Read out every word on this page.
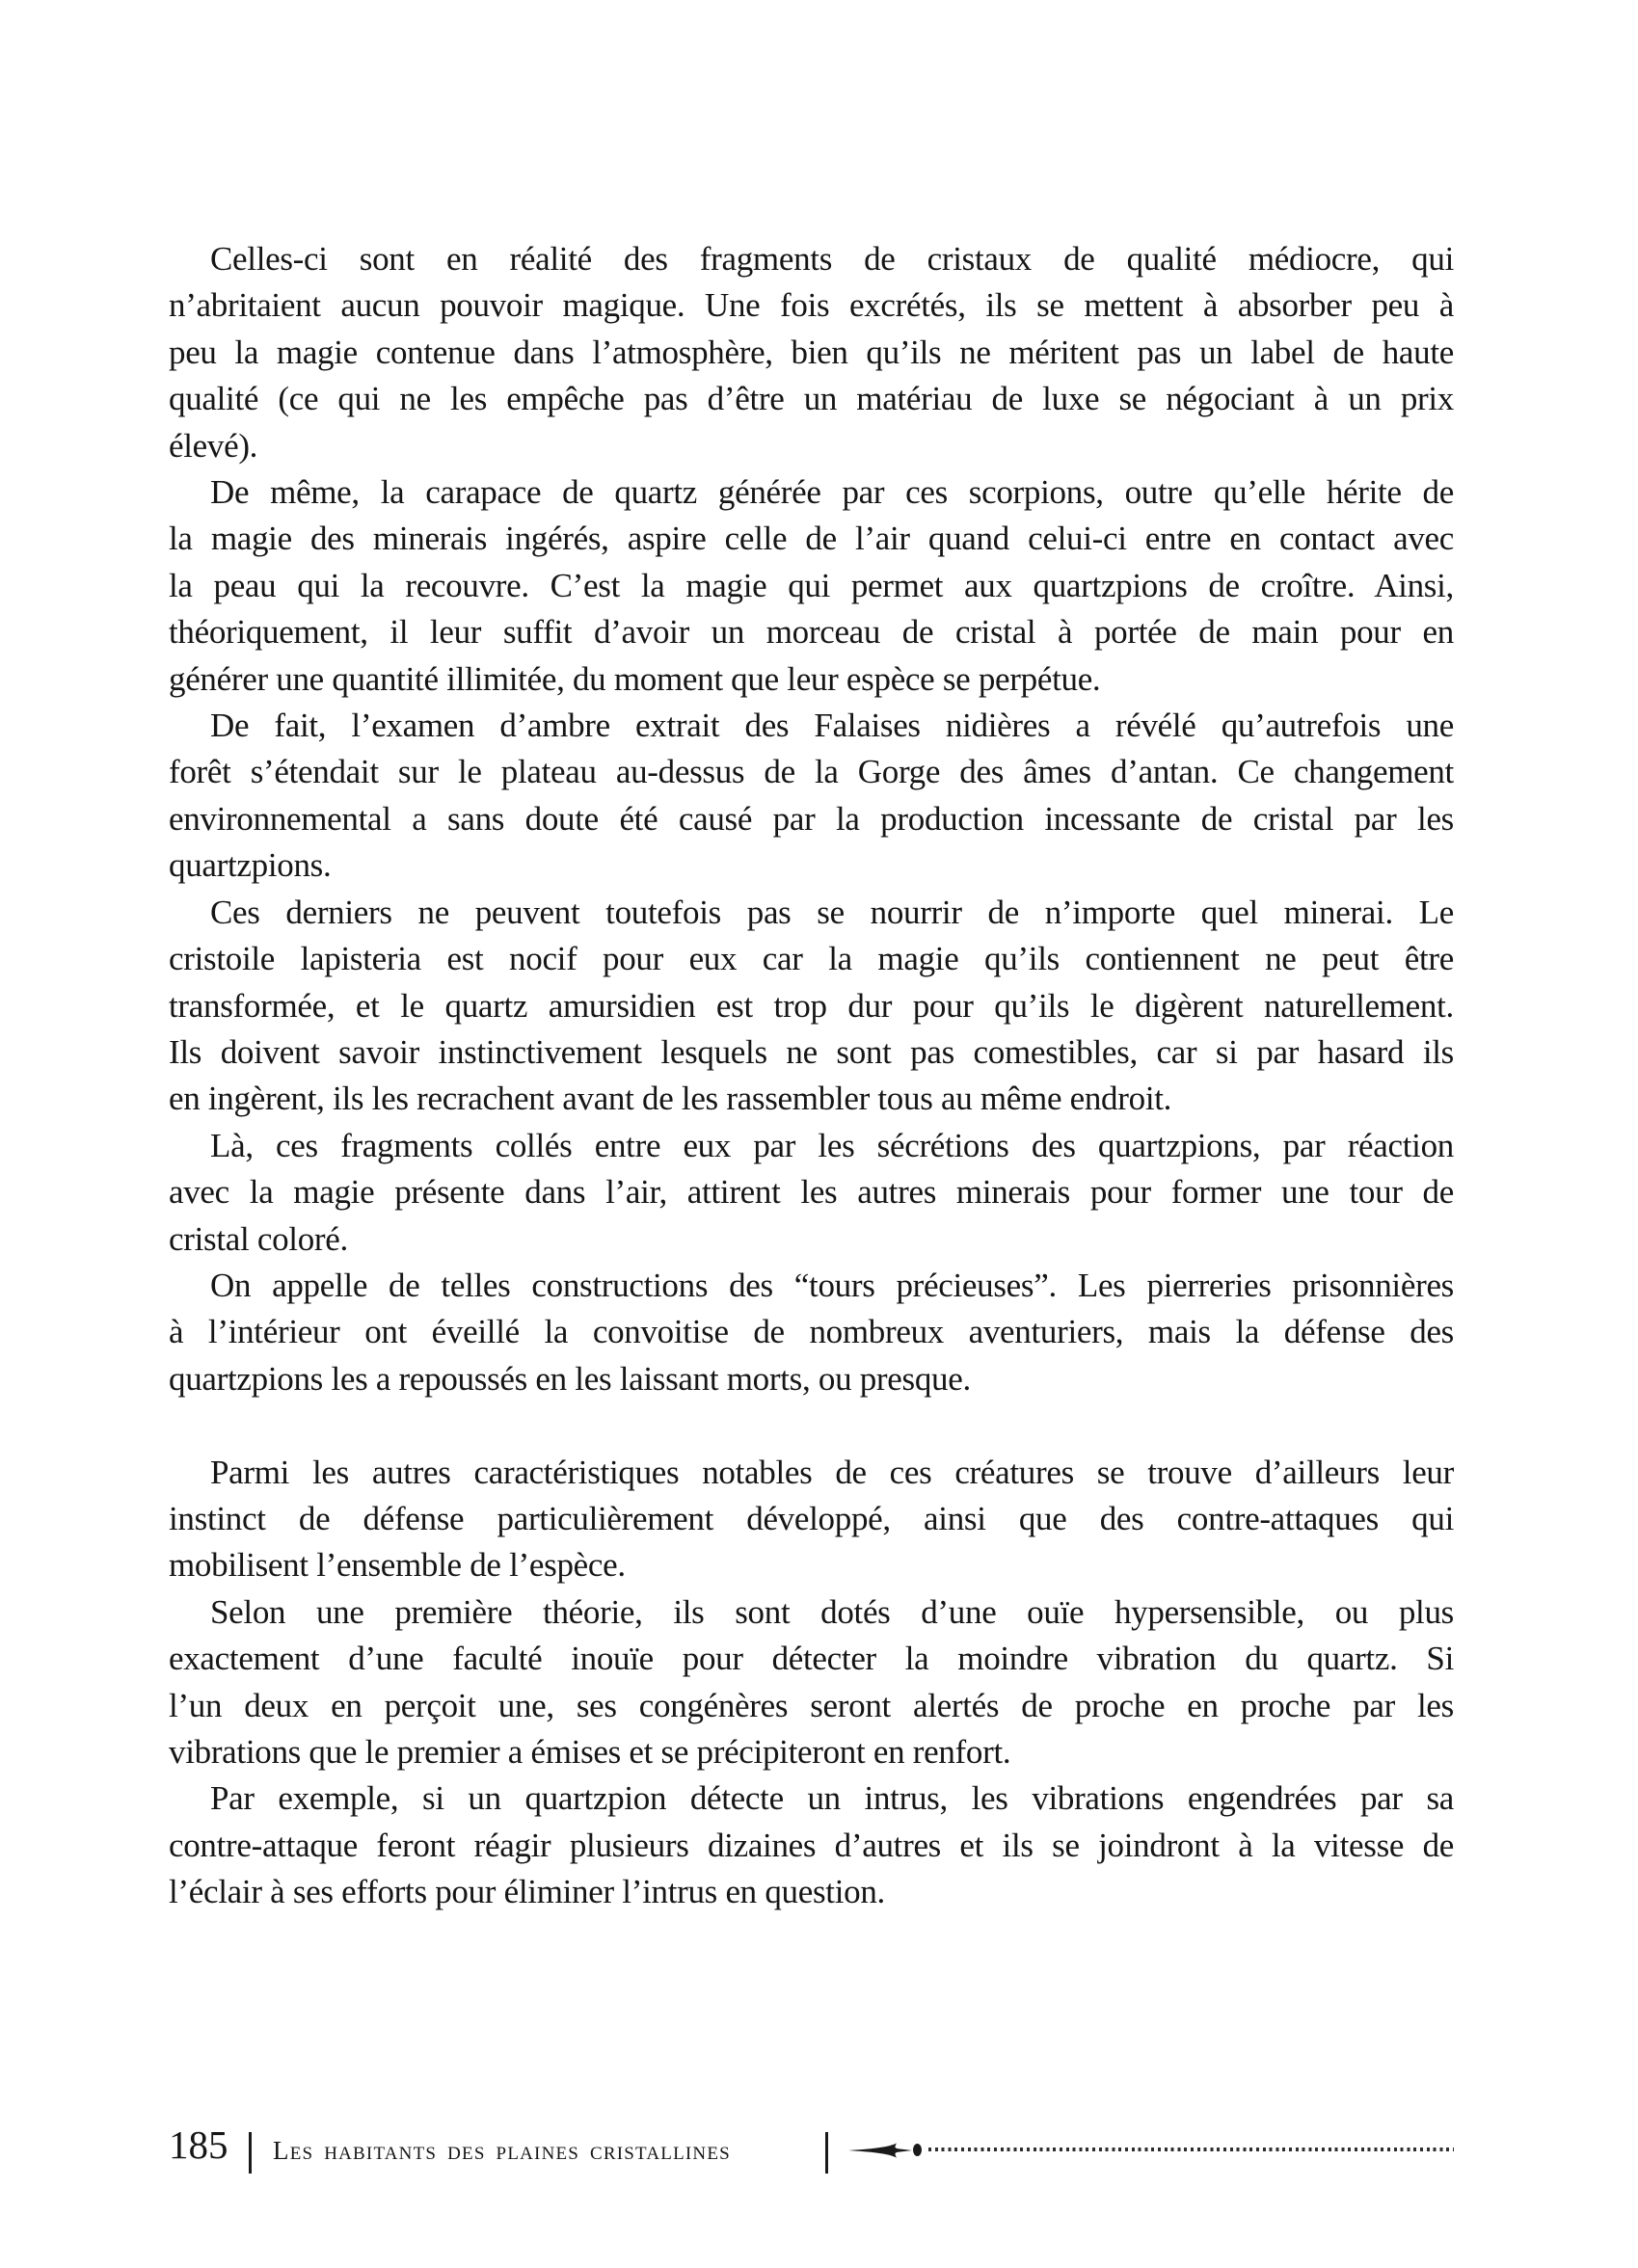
Celles-ci sont en réalité des fragments de cristaux de qualité médiocre, qui
n’abritaient aucun pouvoir magique. Une fois excrétés, ils se mettent à absorber peu à
peu la magie contenue dans l’atmosphère, bien qu’ils ne méritent pas un label de haute
qualité (ce qui ne les empêche pas d’être un matériau de luxe se négociant à un prix
élevé).
De même, la carapace de quartz générée par ces scorpions, outre qu’elle hérite de
la magie des minerais ingérés, aspire celle de l’air quand celui-ci entre en contact avec
la peau qui la recouvre. C’est la magie qui permet aux quartzpions de croître. Ainsi,
théoriquement, il leur suffit d’avoir un morceau de cristal à portée de main pour en
générer une quantité illimitée, du moment que leur espèce se perpétue.
De fait, l’examen d’ambre extrait des Falaises nidières a révélé qu’autrefois une
forêt s’étendait sur le plateau au-dessus de la Gorge des âmes d’antan. Ce changement
environnemental a sans doute été causé par la production incessante de cristal par les
quartzpions.
Ces derniers ne peuvent toutefois pas se nourrir de n’importe quel minerai. Le
cristoile lapisteria est nocif pour eux car la magie qu’ils contiennent ne peut être
transformée, et le quartz amursidien est trop dur pour qu’ils le digèrent naturellement.
Ils doivent savoir instinctivement lesquels ne sont pas comestibles, car si par hasard ils
en ingèrent, ils les recrachent avant de les rassembler tous au même endroit.
Là, ces fragments collés entre eux par les sécrétions des quartzpions, par réaction
avec la magie présente dans l’air, attirent les autres minerais pour former une tour de
cristal coloré.
On appelle de telles constructions des “tours précieuses”. Les pierreries prisonnières
à l’intérieur ont éveillé la convoitise de nombreux aventuriers, mais la défense des
quartzpions les a repoussés en les laissant morts, ou presque.
Parmi les autres caractéristiques notables de ces créatures se trouve d’ailleurs leur
instinct de défense particulièrement développé, ainsi que des contre-attaques qui
mobilisent l’ensemble de l’espèce.
Selon une première théorie, ils sont dotés d’une ouïe hypersensible, ou plus
exactement d’une faculté inouïe pour détecter la moindre vibration du quartz. Si
l’un deux en perçoit une, ses congénères seront alertés de proche en proche par les
vibrations que le premier a émises et se précipiteront en renfort.
Par exemple, si un quartzpion détecte un intrus, les vibrations engendrées par sa
contre-attaque feront réagir plusieurs dizaines d’autres et ils se joindront à la vitesse de
l’éclair à ses efforts pour éliminer l’intrus en question.
185 Les habitants des plaines cristallines
